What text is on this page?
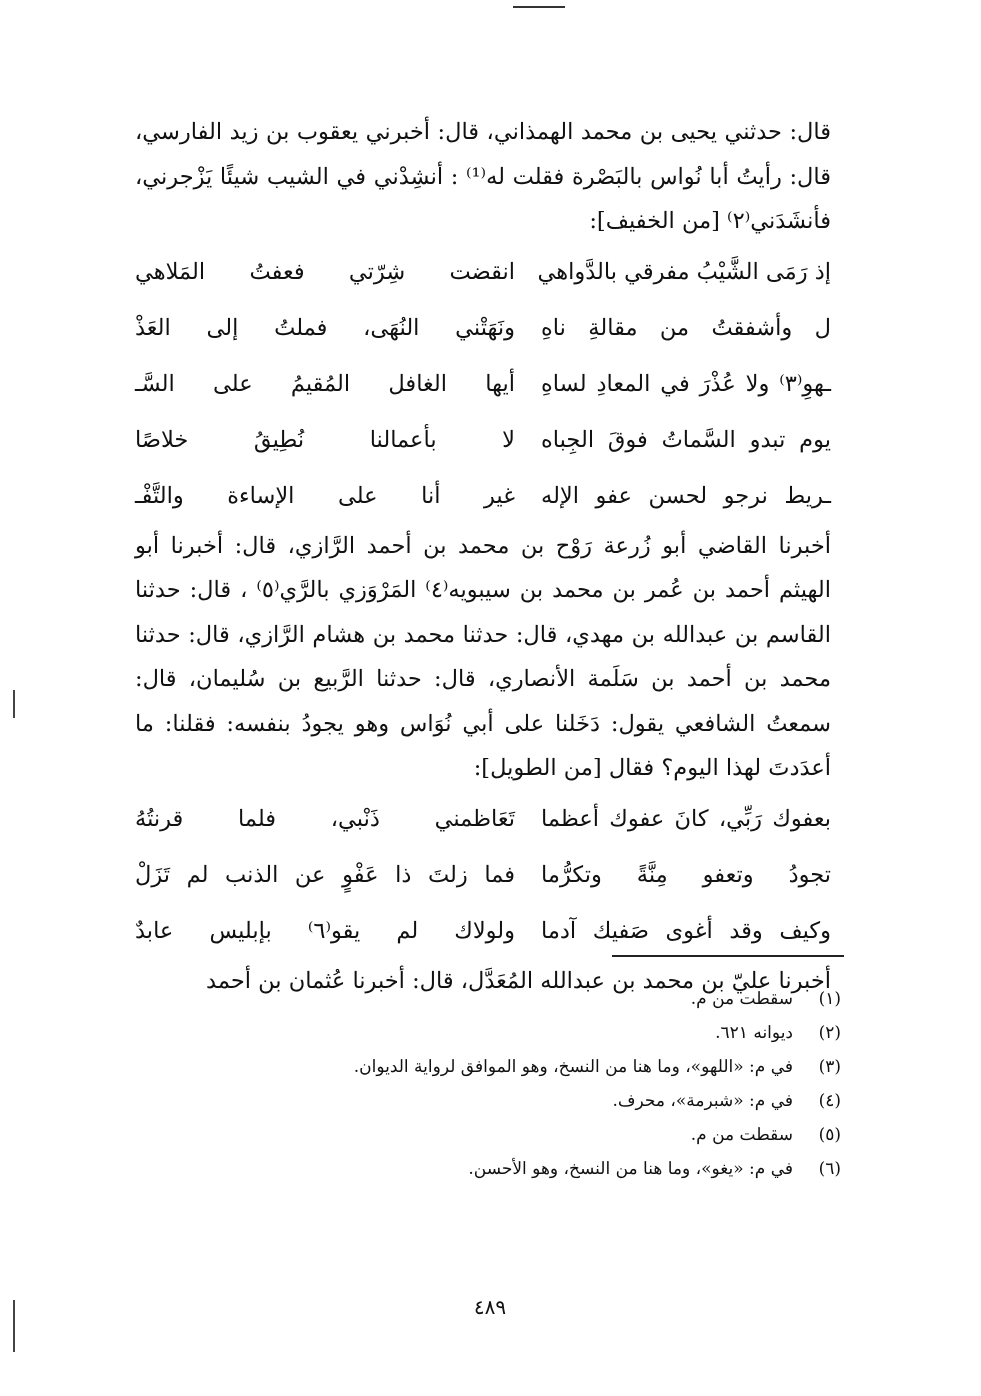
قال: حدثني يحيى بن محمد الهمذاني، قال: أخبرني يعقوب بن زيد الفارسي، قال: رأيتُ أبا نُواس بالبَصْرة فقلت له⁽¹⁾ : أنشِدْني في الشيب شيئًا يَزْجرني، فأنشَدَني⁽٢⁾ [من الخفيف]:

إذ رَمَى الشَّيْبُ مفرقي بالدَّواهي
انقضت شِرّتي فعفتُ المَلاهي
ل وأشفقتُ من مقالةِ ناهِ
ونَهَتْني النُهَى، فملتُ إلى العَذْ
ـهوِ⁽٣⁾ ولا عُذْرَ في المعادِ لساهِ
أيها الغافل المُقيمُ على السَّـ
يوم تبدو السَّماتُ فوقَ الجِباه
لا بأعمالنا نُطِيقُ خلاصًا
ـريط نرجو لحسن عفو الإله
غير أنا على الإساءة والتَّفْـ

أخبرنا القاضي أبو زُرعة رَوْح بن محمد بن أحمد الرَّازي، قال: أخبرنا أبو الهيثم أحمد بن عُمر بن محمد بن سيبويه⁽٤⁾ المَرْوَزي بالرَّي⁽٥⁾ ، قال: حدثنا القاسم بن عبدالله بن مهدي، قال: حدثنا محمد بن هشام الرَّازي، قال: حدثنا محمد بن أحمد بن سَلَمة الأنصاري، قال: حدثنا الرَّبيع بن سُليمان، قال: سمعتُ الشافعي يقول: دَخَلنا على أبي نُوَاس وهو يجودُ بنفسه: فقلنا: ما أعدَدتَ لهذا اليوم؟ فقال [من الطويل]:

بعفوك رَبِّي، كانَ عفوك أعظما
تَعَاظمني ذَنْبي، فلما قرنتُهُ
تجودُ وتعفو مِنَّةً وتكرُّما
فما زلتَ ذا عَفْوٍ عن الذنب لم تَزَلْ
وكيف وقد أغوى صَفيك آدما
ولولاك لم يقو⁽٦⁾ بإبليس عابدٌ

أخبرنا عليّ بن محمد بن عبدالله المُعَدَّل، قال: أخبرنا عُثمان بن أحمد

(١)سقطت من م.
(٢)ديوانه ٦٢١.
(٣)في م: «اللهو»، وما هنا من النسخ، وهو الموافق لرواية الديوان.
(٤)في م: «شبرمة»، محرف.
(٥)سقطت من م.
(٦)في م: «يغو»، وما هنا من النسخ، وهو الأحسن.
٤٨٩
